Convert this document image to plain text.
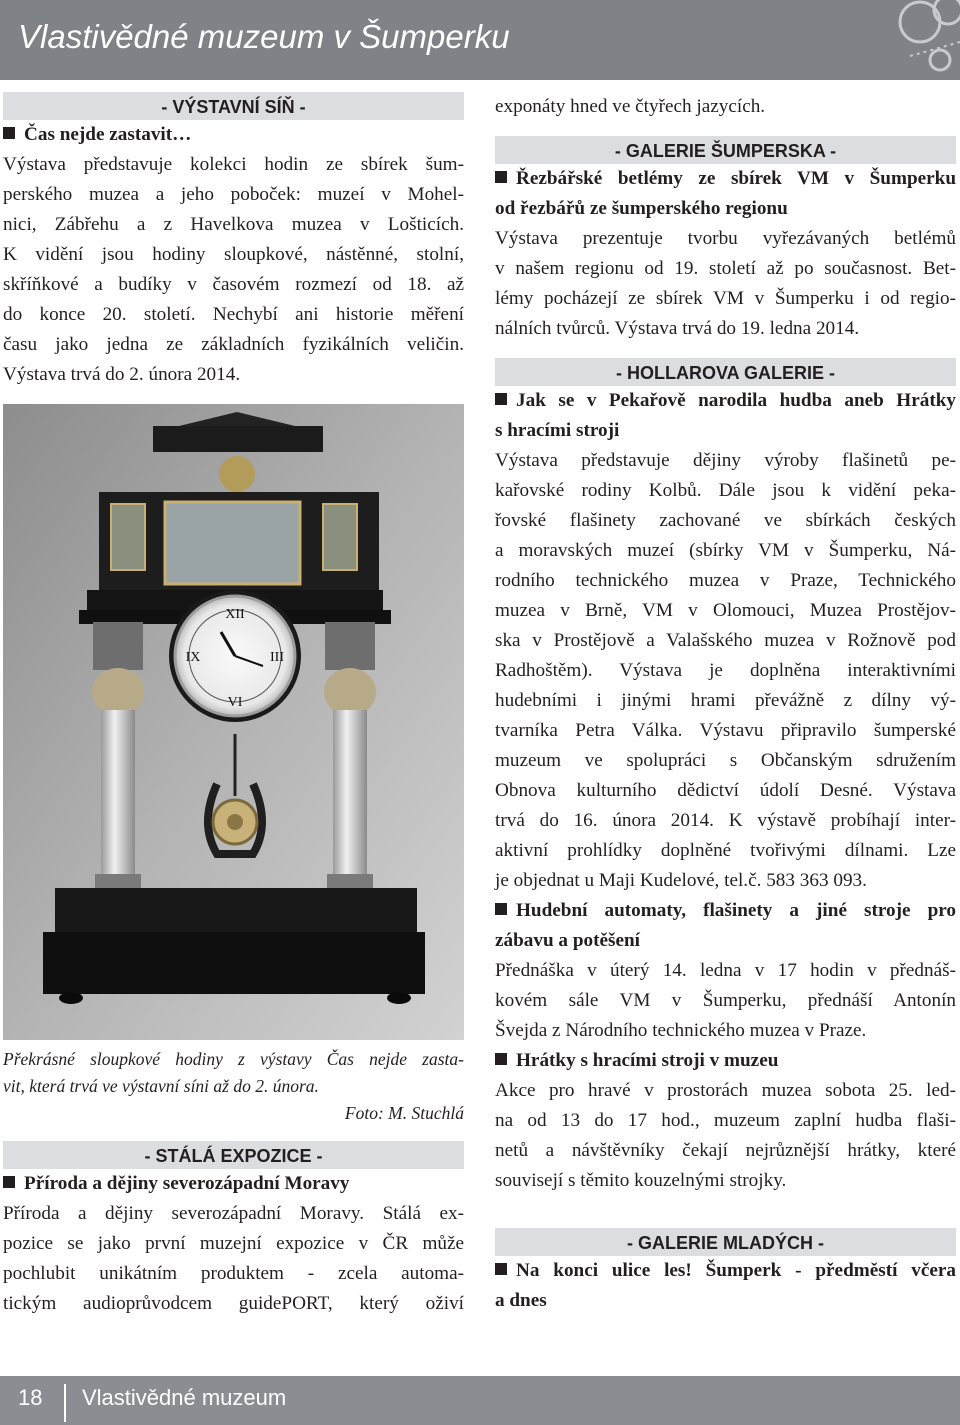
Vlastivědné muzeum v Šumperku
- VÝSTAVNÍ SÍŇ -
Čas nejde zastavit…

Výstava představuje kolekci hodin ze sbírek šum-

perského muzea a jeho poboček: muzeí v Mohel-

nici, Zábřehu a z Havelkova muzea v Lošticích.

K vidění jsou hodiny sloupkové, nástěnné, stolní,

skříňkové a budíky v časovém rozmezí od 18. až

do konce 20. století. Nechybí ani historie měření

času jako jedna ze základních fyzikálních veličin.

Výstava trvá do 2. února 2014.

XII
III
VI
IX

Překrásné sloupkové hodiny z výstavy Čas nejde zasta-

vit, která trvá ve výstavní síni až do 2. února.

Foto: M. Stuchlá
- STÁLÁ EXPOZICE -
Příroda a dějiny severozápadní Moravy

Příroda a dějiny severozápadní Moravy. Stálá ex-

pozice se jako první muzejní expozice v ČR může

pochlubit unikátním produktem - zcela automa-

tickým audioprůvodcem guidePORT, který oživí

exponáty hned ve čtyřech jazycích.

- GALERIE ŠUMPERSKA -
Řezbářské betlémy ze sbírek VM v Šumperku
od řezbářů ze šumperského regionu

Výstava prezentuje tvorbu vyřezávaných betlémů

v našem regionu od 19. století až po současnost. Bet-

lémy pocházejí ze sbírek VM v Šumperku i od regio-

nálních tvůrců. Výstava trvá do 19. ledna 2014.

- HOLLAROVA GALERIE -
Jak se v Pekařově narodila hudba aneb Hrátky
s hracími stroji

Výstava představuje dějiny výroby flašinetů pe-

kařovské rodiny Kolbů. Dále jsou k vidění peka-

řovské flašinety zachované ve sbírkách českých

a moravských muzeí (sbírky VM v Šumperku, Ná-

rodního technického muzea v Praze, Technického

muzea v Brně, VM v Olomouci, Muzea Prostějov-

ska v Prostějově a Valašského muzea v Rožnově pod

Radhoštěm). Výstava je doplněna interaktivními

hudebními i jinými hrami převážně z dílny vý-

tvarníka Petra Válka. Výstavu připravilo šumperské

muzeum ve spolupráci s Občanským sdružením

Obnova kulturního dědictví údolí Desné. Výstava

trvá do 16. února 2014. K výstavě probíhají inter-

aktivní prohlídky doplněné tvořivými dílnami. Lze

je objednat u Maji Kudelové, tel.č. 583 363 093.

Hudební automaty, flašinety a jiné stroje pro
zábavu a potěšení

Přednáška v úterý 14. ledna v 17 hodin v přednáš-

kovém sále VM v Šumperku, přednáší Antonín

Švejda z Národního technického muzea v Praze.

Hrátky s hracími stroji v muzeu

Akce pro hravé v prostorách muzea sobota 25. led-

na od 13 do 17 hod., muzeum zaplní hudba flaši-

netů a návštěvníky čekají nejrůznější hrátky, které

souvisejí s těmito kouzelnými strojky.

- GALERIE MLADÝCH -
Na konci ulice les! Šumperk - předměstí včera
a dnes
18 Vlastivědné muzeum
